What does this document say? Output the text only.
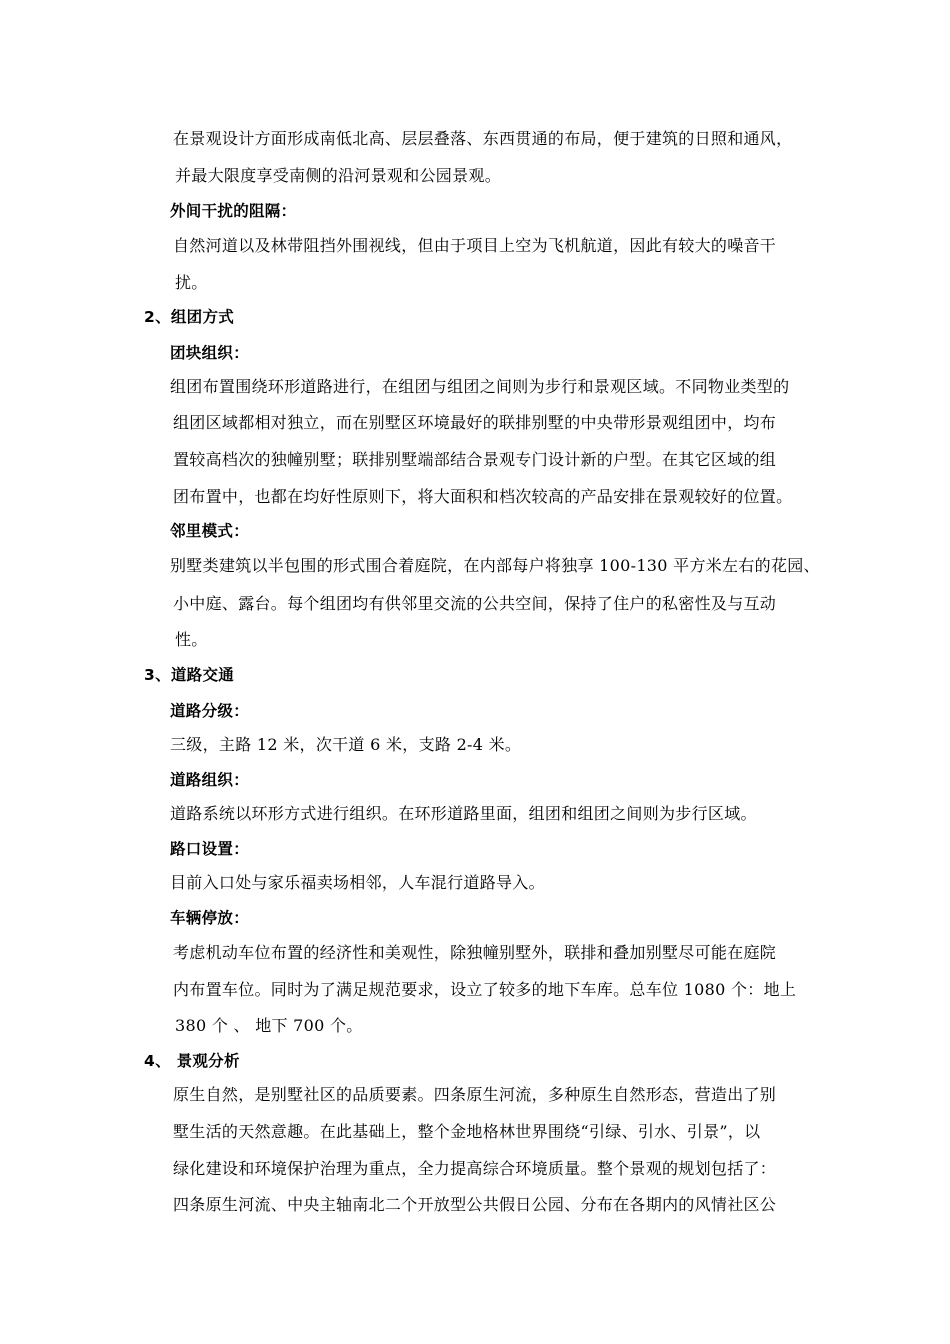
在景观设计方面形成南低北高、层层叠落、东西贯通的布局，便于建筑的日照和通风，
并最大限度享受南侧的沿河景观和公园景观。
外间干扰的阻隔：
自然河道以及林带阻挡外围视线，但由于项目上空为飞机航道，因此有较大的噪音干
扰。
2、组团方式
团块组织：
组团布置围绕环形道路进行，在组团与组团之间则为步行和景观区域。不同物业类型的
组团区域都相对独立，而在别墅区环境最好的联排别墅的中央带形景观组团中，均布
置较高档次的独幢别墅；联排别墅端部结合景观专门设计新的户型。在其它区域的组
团布置中，也都在均好性原则下，将大面积和档次较高的产品安排在景观较好的位置。
邻里模式：
别墅类建筑以半包围的形式围合着庭院，在内部每户将独享 100-130 平方米左右的花园、
小中庭、露台。每个组团均有供邻里交流的公共空间，保持了住户的私密性及与互动
性。
3、道路交通
道路分级：
三级，主路 12 米，次干道 6 米，支路 2-4 米。
道路组织：
道路系统以环形方式进行组织。在环形道路里面，组团和组团之间则为步行区域。
路口设置：
目前入口处与家乐福卖场相邻，人车混行道路导入。
车辆停放：
考虑机动车位布置的经济性和美观性，除独幢别墅外，联排和叠加别墅尽可能在庭院
内布置车位。同时为了满足规范要求，设立了较多的地下车库。总车位 1080 个：地上
380 个 、 地下 700 个。
4、 景观分析
原生自然，是别墅社区的品质要素。四条原生河流，多种原生自然形态，营造出了别
墅生活的天然意趣。在此基础上，整个金地格林世界围绕“引绿、引水、引景”，以
绿化建设和环境保护治理为重点，全力提高综合环境质量。整个景观的规划包括了：
四条原生河流、中央主轴南北二个开放型公共假日公园、分布在各期内的风情社区公
